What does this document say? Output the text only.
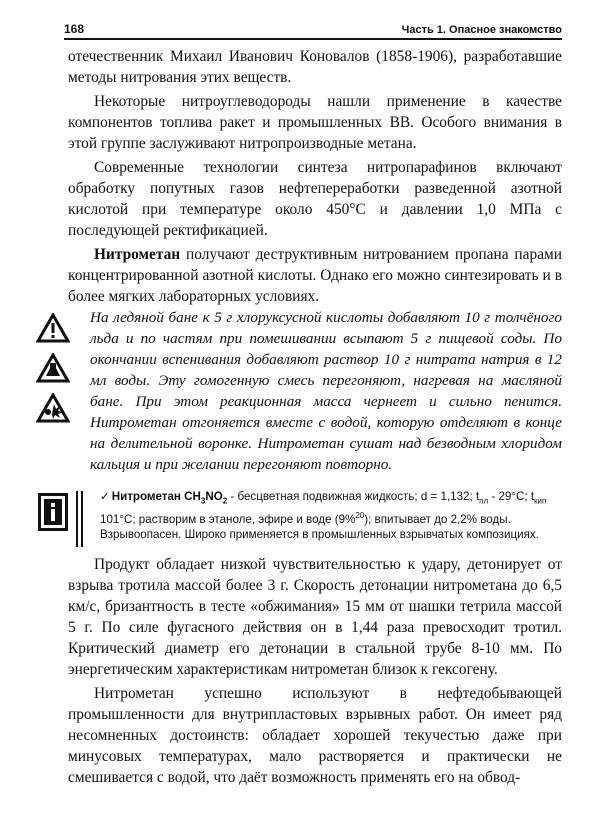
168	Часть 1. Опасное знакомство

отечественник Михаил Иванович Коновалов (1858-1906), разработавшие методы нитрования этих веществ.

Некоторые нитроуглеводороды нашли применение в качестве компонентов топлива ракет и промышленных ВВ. Особого внимания в этой группе заслуживают нитропроизводные метана.

Современные технологии синтеза нитропарафинов включают обработку попутных газов нефтепереработки разведенной азотной кислотой при температуре около 450°С и давлении 1,0 МПа с последующей ректификацией.

Нитрометан получают деструктивным нитрованием пропана парами концентрированной азотной кислоты. Однако его можно синтезировать и в более мягких лабораторных условиях.

На ледяной бане к 5 г хлоруксусной кислоты добавляют 10 г толчёного льда и по частям при помешивании всыпают 5 г пищевой соды. По окончании вспенивания добавляют раствор 10 г нитрата натрия в 12 мл воды. Эту гомогенную смесь перегоняют, нагревая на масляной бане. При этом реакционная масса чернеет и сильно пенится. Нитрометан отгоняется вместе с водой, которую отделяют в конце на делительной воронке. Нитрометан сушат над безводным хлоридом кальция и при желании перегоняют повторно.

✓ Нитрометан $CH_3NO_2$ - бесцветная подвижная жидкость; d = 1,132; $t_{пл} - 29^\circ С$; $t_{кип}$ 101°С; растворим в этаноле, эфире и воде (9%$^{20}$); впитывает до 2,2% воды. Взрывоопасен. Широко применяется в промышленных взрывчатых композициях.

Продукт обладает низкой чувствительностью к удару, детонирует от взрыва тротила массой более 3 г. Скорость детонации нитрометана до 6,5 км/с, бризантность в тесте «обжимания» 15 мм от шашки тетрила массой 5 г. По силе фугасного действия он в 1,44 раза превосходит тротил. Критический диаметр его детонации в стальной трубе 8-10 мм. По энергетическим характеристикам нитрометан близок к гексогену.

Нитрометан успешно используют в нефтедобывающей промышленности для внутрипластовых взрывных работ. Он имеет ряд несомненных достоинств: обладает хорошей текучестью даже при минусовых температурах, мало растворяется и практически не смешивается с водой, что даёт возможность применять его на обвод-
